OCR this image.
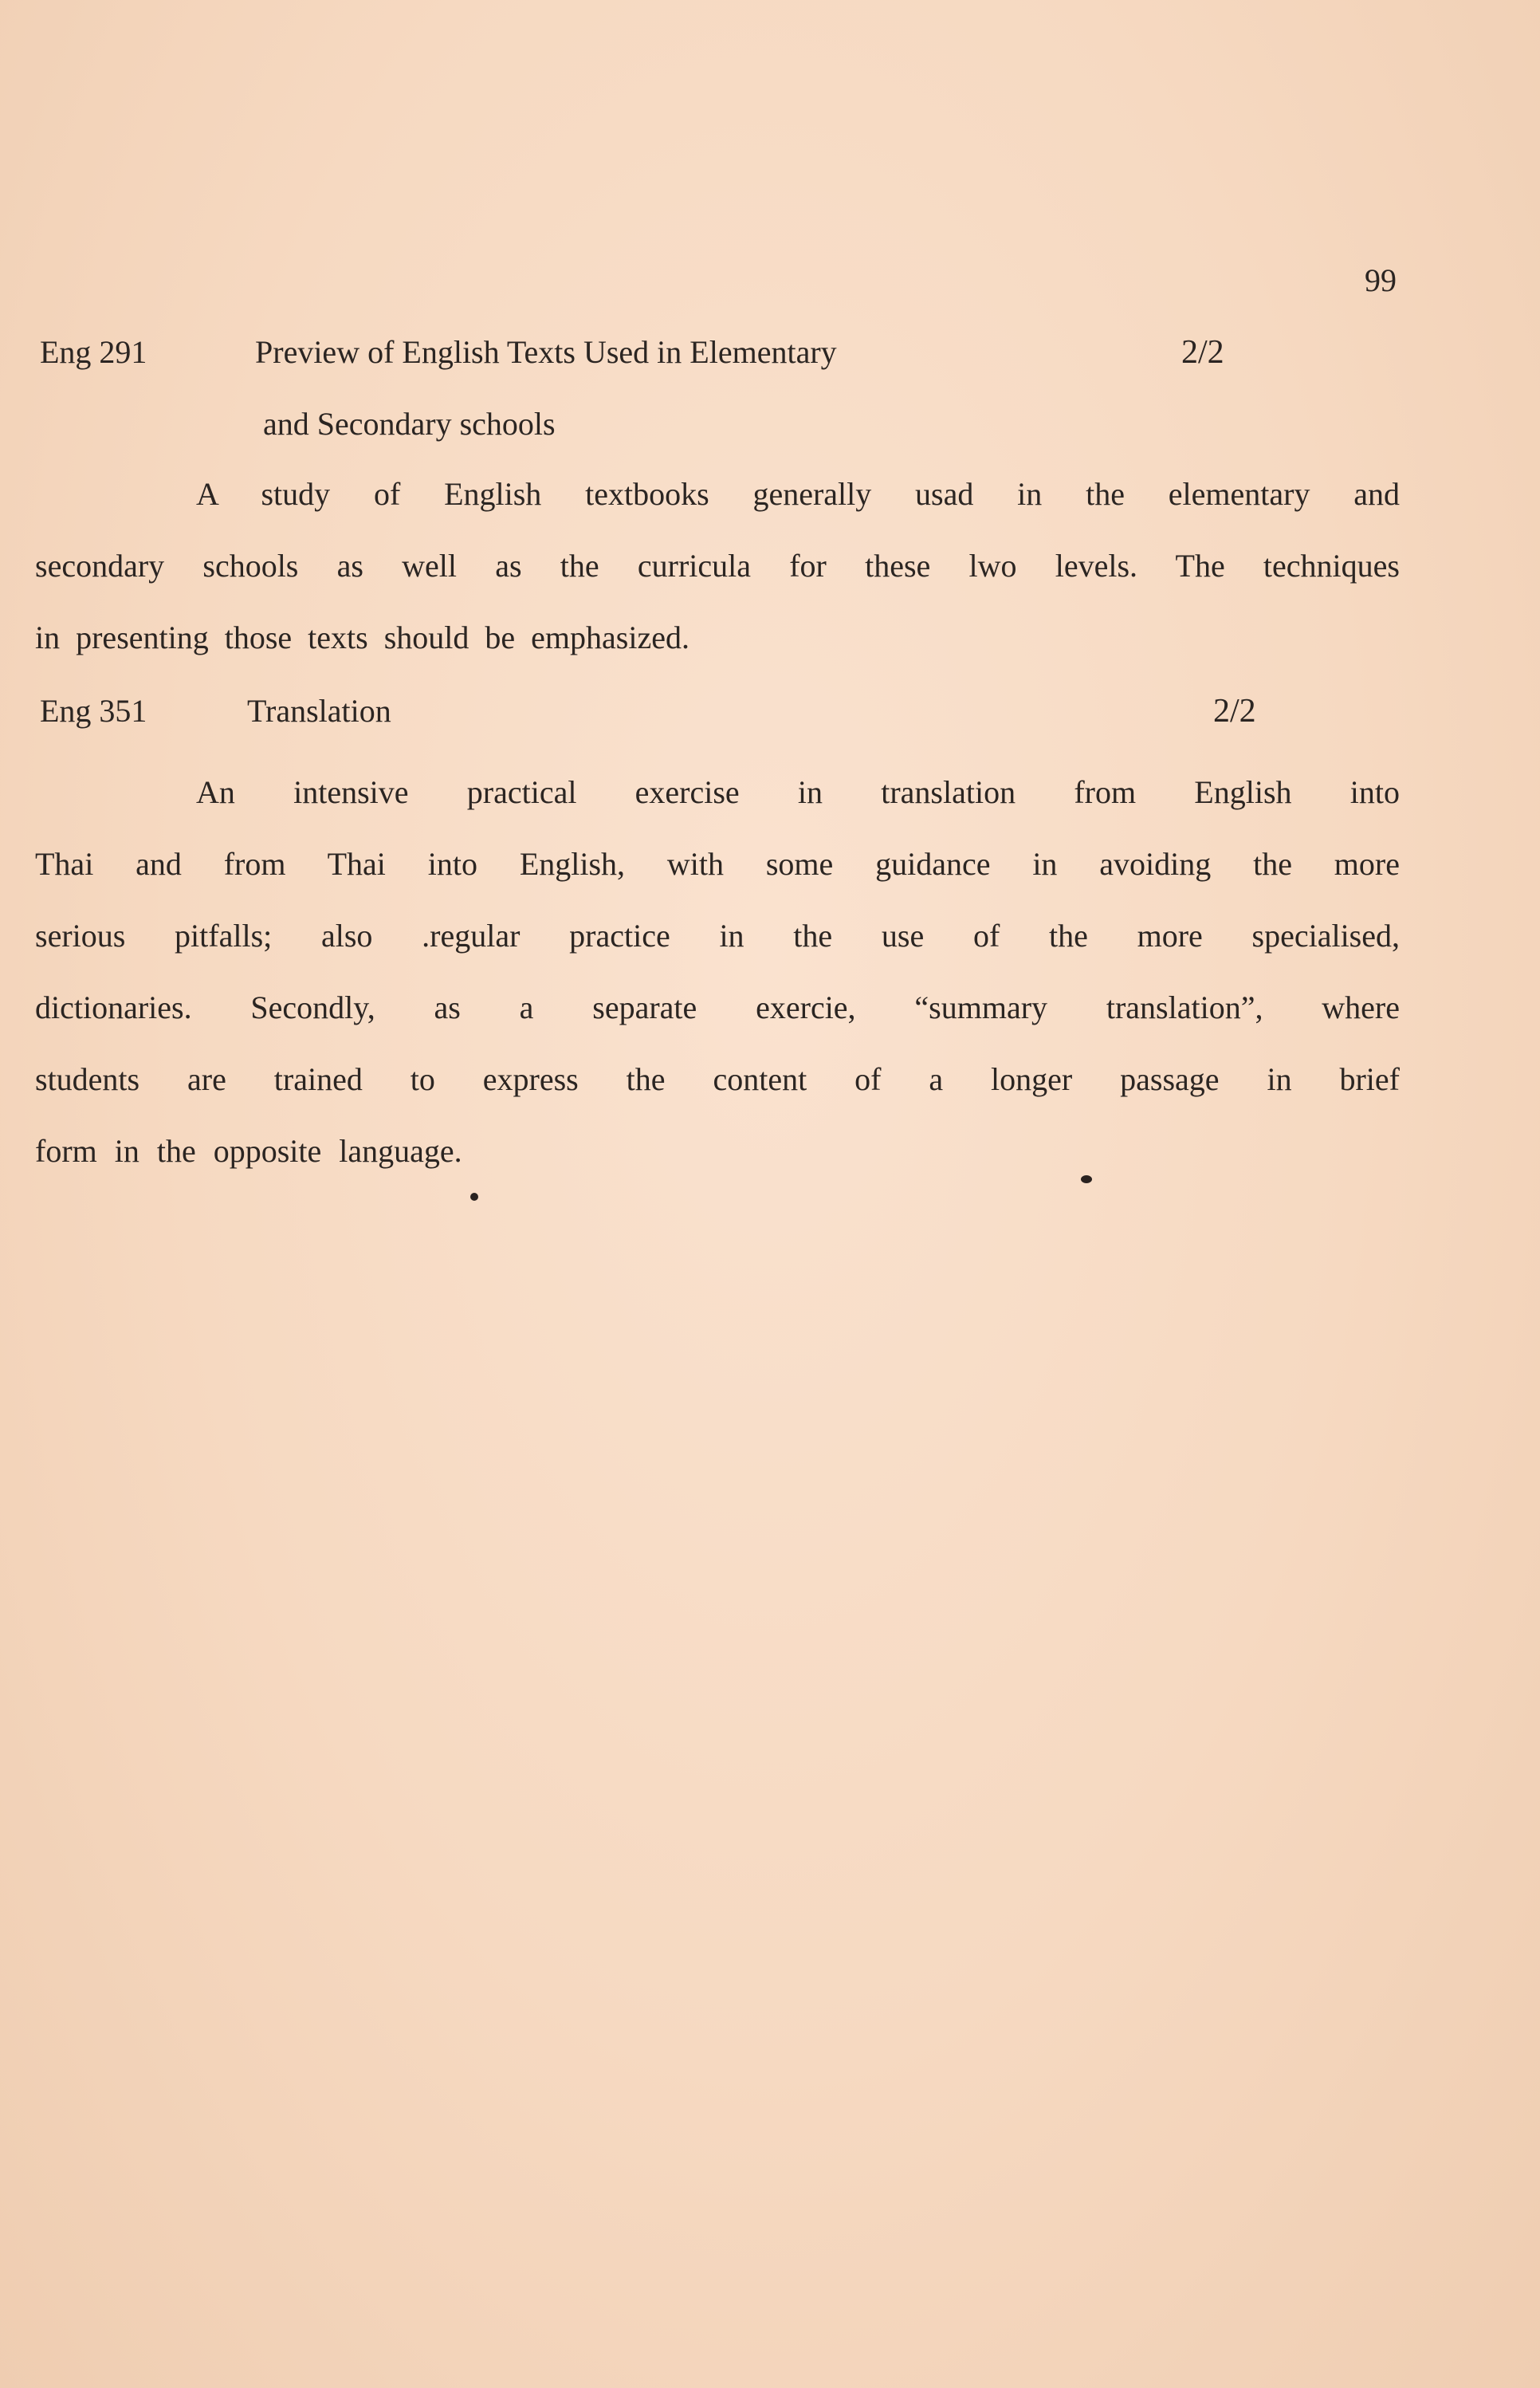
99
Eng 291	Preview of English Texts Used in Elementary	2/2
and Secondary schools
A study of English textbooks generally usad in the elementary and
secondary schools as well as the curricula for these lwo levels. The techniques
in presenting those texts should be emphasized.
Eng 351	Translation	2/2
An intensive practical exercise in translation from English into
Thai and from Thai into English, with some guidance in avoiding the more
serious pitfalls; also .regular practice in the use of the more specialised,
dictionaries. Secondly, as a separate exercie, “summary translation”, where
students are trained to express the content of a longer passage in brief
form in the opposite language.
